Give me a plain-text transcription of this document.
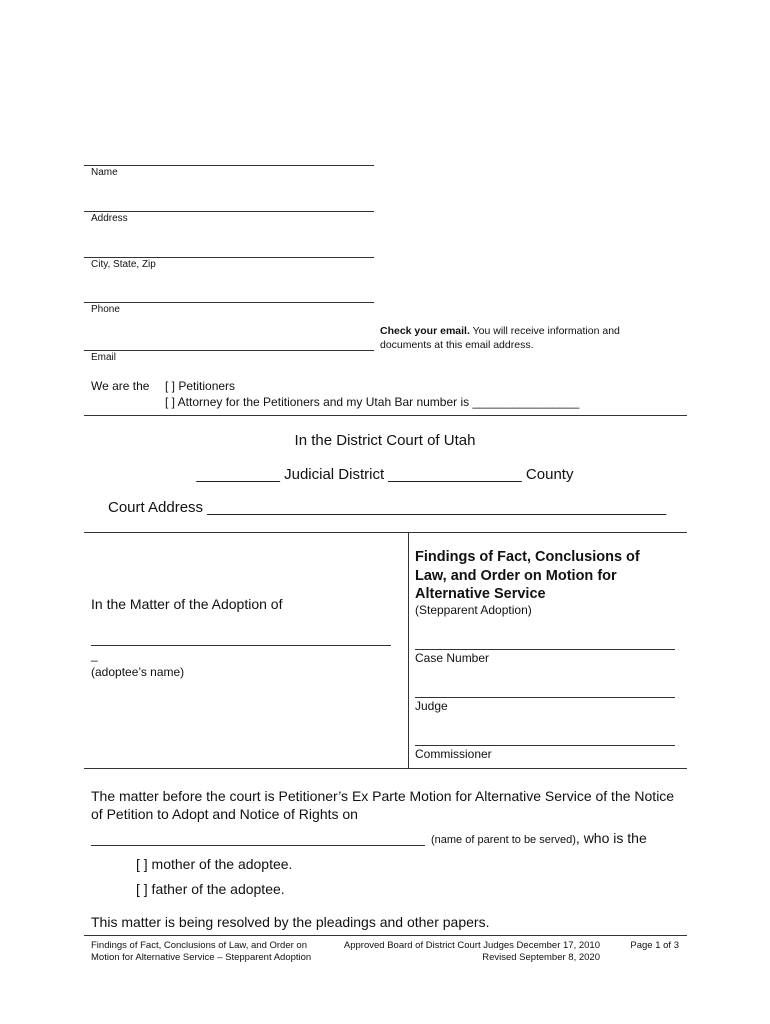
Name
Address
City, State, Zip
Phone
Email
Check your email. You will receive information and documents at this email address.
We are the [ ] Petitioners
[ ] Attorney for the Petitioners and my Utah Bar number is ________________
In the District Court of Utah
__________ Judicial District ________________ County
Court Address _______________________________________________________
In the Matter of the Adoption of
_
(adoptee’s name)
Findings of Fact, Conclusions of Law, and Order on Motion for Alternative Service
(Stepparent Adoption)
Case Number
Judge
Commissioner
The matter before the court is Petitioner’s Ex Parte Motion for Alternative Service of the Notice of Petition to Adopt and Notice of Rights on
(name of parent to be served), who is the
[ ] mother of the adoptee.
[ ] father of the adoptee.
This matter is being resolved by the pleadings and other papers.
Findings of Fact, Conclusions of Law, and Order on Motion for Alternative Service – Stepparent Adoption
Approved Board of District Court Judges December 17, 2010
Revised September 8, 2020
Page 1 of 3
